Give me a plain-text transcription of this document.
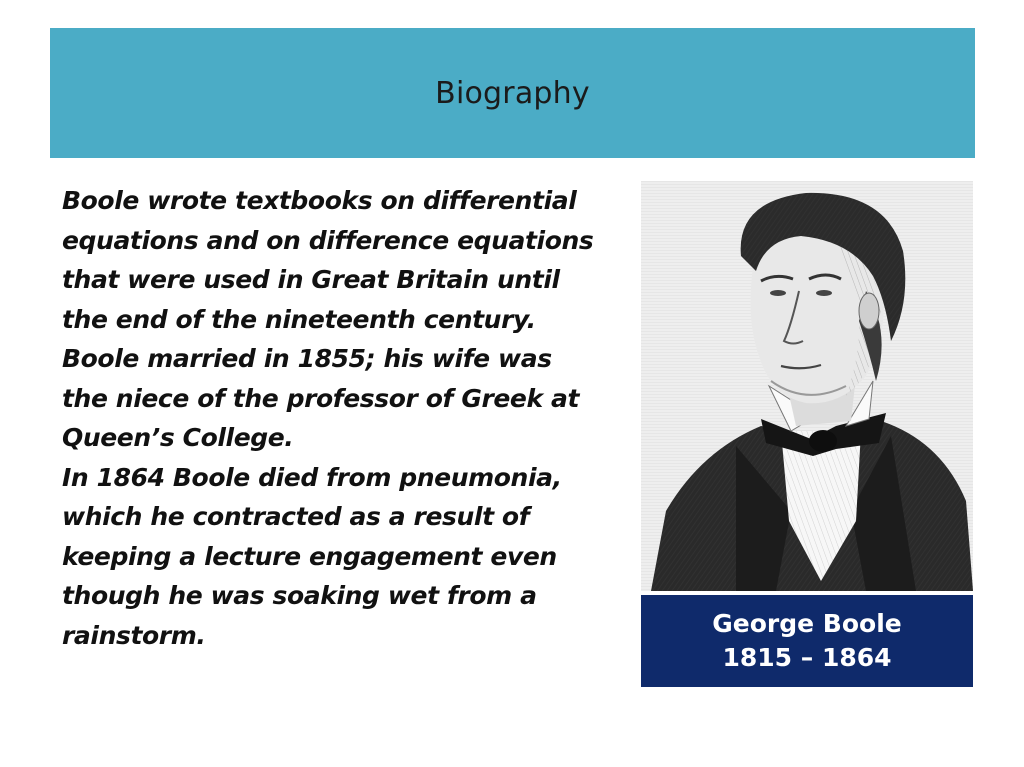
Biography
Boole wrote textbooks on differential
equations and on difference equations
that were used in Great Britain until
the end of the nineteenth century.
Boole married in 1855; his wife was
the niece of the professor of Greek at
Queen’s College.
In 1864 Boole died from pneumonia,
which he contracted as a result of
keeping a lecture engagement even
though he was soaking wet from a
rainstorm.	George Boole
1815 – 1864
